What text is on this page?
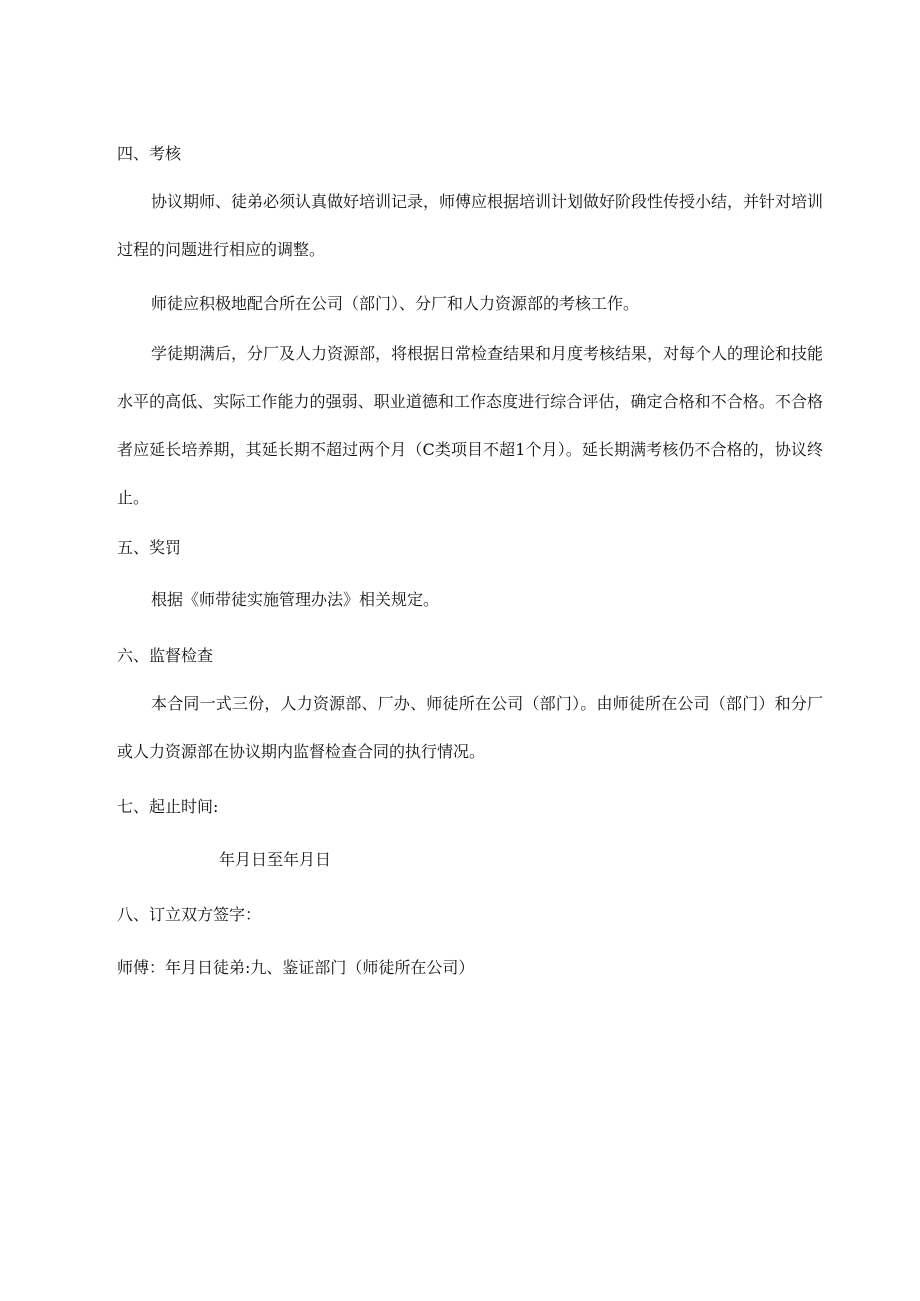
四、考核
协议期师、徒弟必须认真做好培训记录，师傅应根据培训计划做好阶段性传授小结，并针对培训过程的问题进行相应的调整。
师徒应积极地配合所在公司（部门）、分厂和人力资源部的考核工作。
学徒期满后，分厂及人力资源部，将根据日常检查结果和月度考核结果，对每个人的理论和技能水平的高低、实际工作能力的强弱、职业道德和工作态度进行综合评估，确定合格和不合格。不合格者应延长培养期，其延长期不超过两个月（C类项目不超1个月）。延长期满考核仍不合格的，协议终止。
五、奖罚
根据《师带徒实施管理办法》相关规定。
六、监督检查
本合同一式三份，人力资源部、厂办、师徒所在公司（部门）。由师徒所在公司（部门）和分厂或人力资源部在协议期内监督检查合同的执行情况。
七、起止时间:
年月日至年月日
八、订立双方签字：
师傅：年月日徒弟:九、鉴证部门（师徒所在公司）
